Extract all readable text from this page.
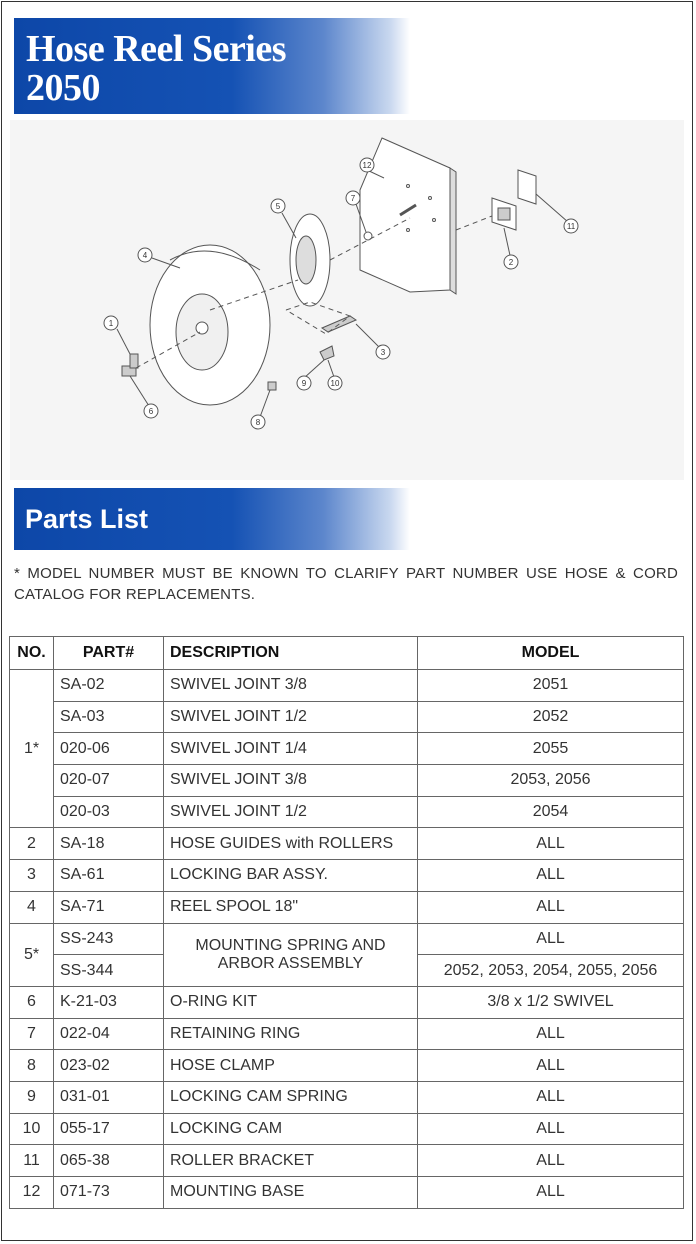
Hose Reel Series
2050
1
2
3
4
5
6
7
8
9	10
11
12
Parts List
* MODEL NUMBER MUST BE KNOWN TO CLARIFY PART NUMBER USE HOSE & CORD CATALOG FOR REPLACEMENTS.
NO.	PART#	DESCRIPTION	MODEL
1*	SA-02	SWIVEL JOINT 3/8	2051
	SA-03	SWIVEL JOINT 1/2	2052
	020-06	SWIVEL JOINT 1/4	2055
	020-07	SWIVEL JOINT 3/8	2053, 2056
	020-03	SWIVEL JOINT 1/2	2054
2	SA-18	HOSE GUIDES with ROLLERS	ALL
3	SA-61	LOCKING BAR ASSY.	ALL
4	SA-71	REEL SPOOL 18"	ALL
5*	SS-243	MOUNTING SPRING AND ARBOR ASSEMBLY	ALL
	SS-344		2052, 2053, 2054, 2055, 2056
6	K-21-03	O-RING KIT	3/8 x 1/2 SWIVEL
7	022-04	RETAINING RING	ALL
8	023-02	HOSE CLAMP	ALL
9	031-01	LOCKING CAM SPRING	ALL
10	055-17	LOCKING CAM	ALL
11	065-38	ROLLER BRACKET	ALL
12	071-73	MOUNTING BASE	ALL
